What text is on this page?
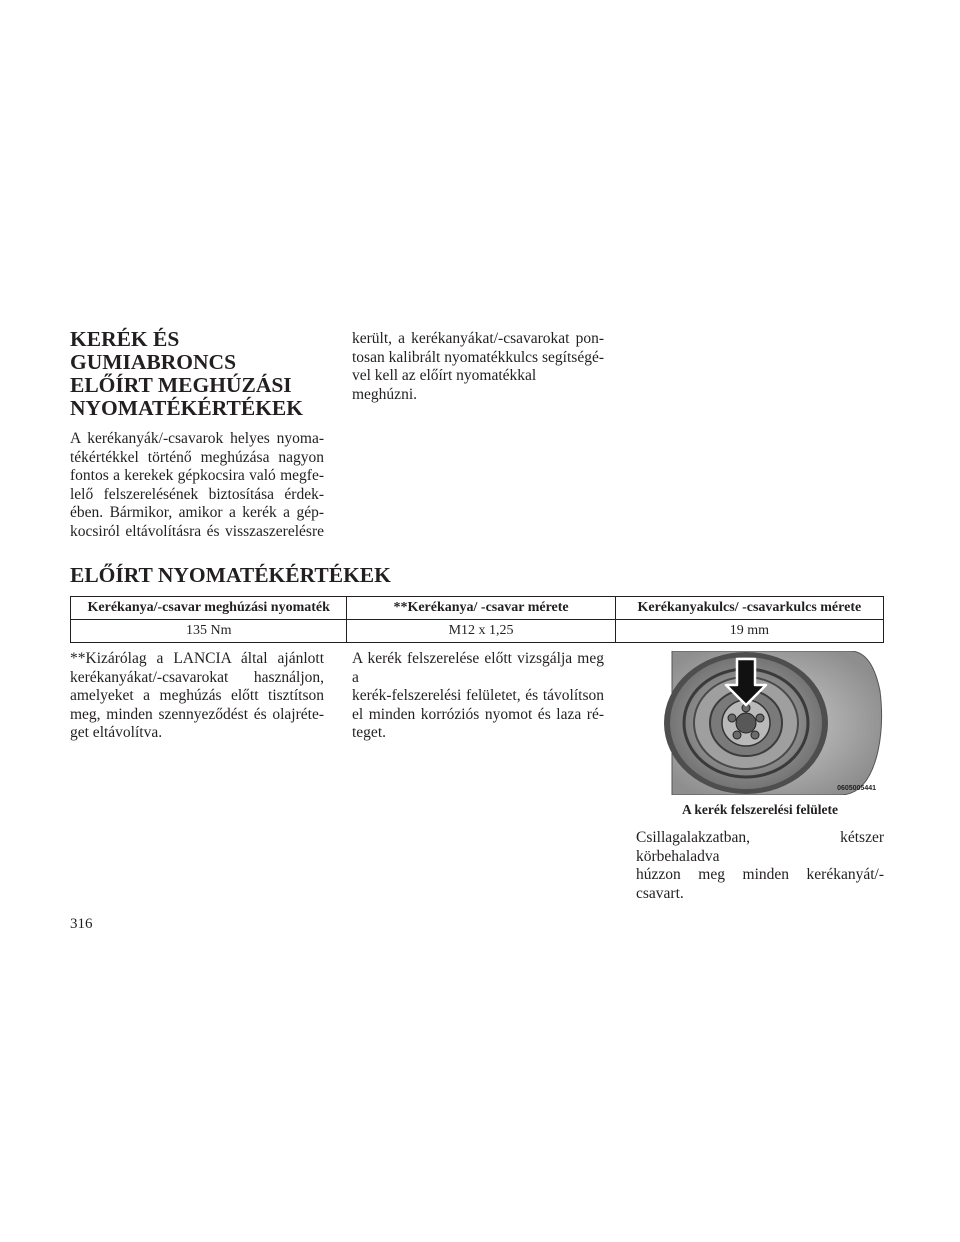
KERÉK ÉS
GUMIABRONCS
ELŐÍRT MEGHÚZÁSI
NYOMATÉKÉRTÉKEK

A kerékanyák/-csavarok helyes nyoma-
tékértékkel történő meghúzása nagyon
fontos a kerekek gépkocsira való megfe-
lelő felszerelésének biztosítása érdek-
ében. Bármikor, amikor a kerék a gép-
kocsiról eltávolításra és visszaszerelésre

került, a kerékanyákat/-csavarokat pon-
tosan kalibrált nyomatékkulcs segítségé-
vel kell az előírt nyomatékkal meghúzni.

ELŐÍRT NYOMATÉKÉRTÉKEK
Kerékanya/-csavar meghúzási nyomaték	**Kerékanya/ -csavar mérete	Kerékanyakulcs/ -csavarkulcs mérete
135 Nm	M12 x 1,25	19 mm

**Kizárólag a LANCIA által ajánlott
kerékanyákat/-csavarokat használjon,
amelyeket a meghúzás előtt tisztítson
meg, minden szennyeződést és olajréte-
get eltávolítva.

A kerék felszerelése előtt vizsgálja meg a
kerék-felszerelési felületet, és távolítson
el minden korróziós nyomot és laza ré-
teget.

0605005441

A kerék felszerelési felülete

Csillagalakzatban, kétszer körbehaladva
húzzon meg minden kerékanyát/-
csavart.

316
